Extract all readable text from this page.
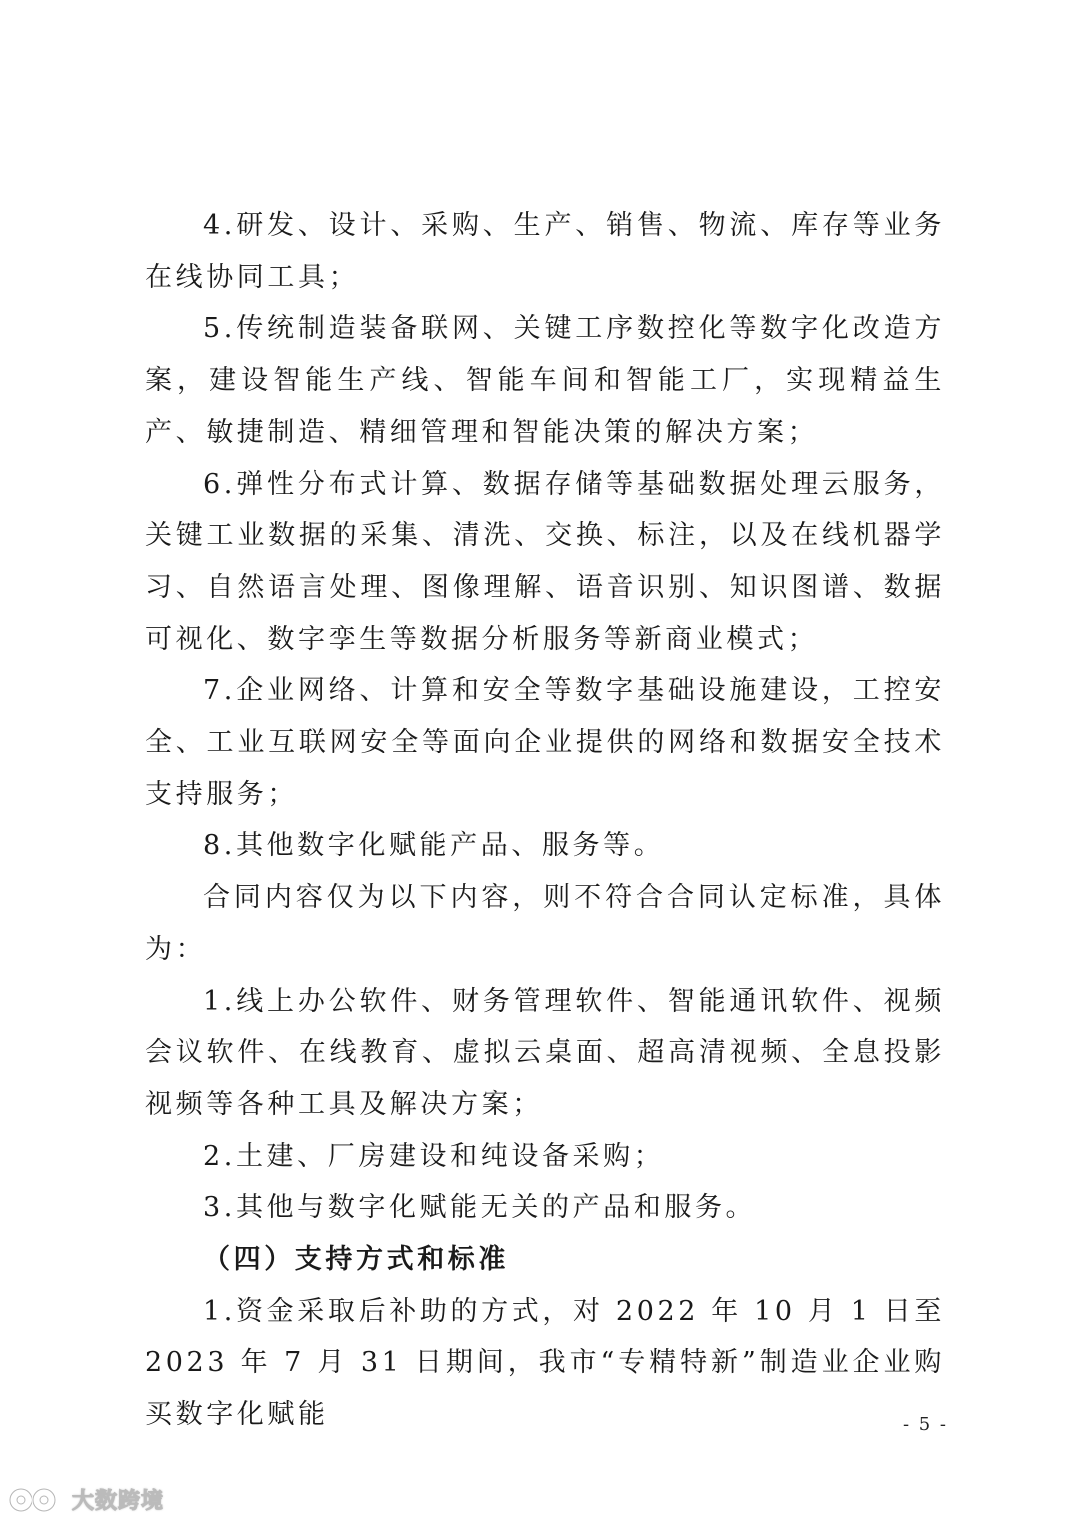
4.研发、设计、采购、生产、销售、物流、库存等业务在线协同工具；

5.传统制造装备联网、关键工序数控化等数字化改造方案，建设智能生产线、智能车间和智能工厂，实现精益生产、敏捷制造、精细管理和智能决策的解决方案；

6.弹性分布式计算、数据存储等基础数据处理云服务，关键工业数据的采集、清洗、交换、标注，以及在线机器学习、自然语言处理、图像理解、语音识别、知识图谱、数据可视化、数字孪生等数据分析服务等新商业模式；

7.企业网络、计算和安全等数字基础设施建设，工控安全、工业互联网安全等面向企业提供的网络和数据安全技术支持服务；

8.其他数字化赋能产品、服务等。

合同内容仅为以下内容，则不符合合同认定标准，具体为：

1.线上办公软件、财务管理软件、智能通讯软件、视频会议软件、在线教育、虚拟云桌面、超高清视频、全息投影视频等各种工具及解决方案；

2.土建、厂房建设和纯设备采购；

3.其他与数字化赋能无关的产品和服务。

（四）支持方式和标准

1.资金采取后补助的方式，对 2022 年 10 月 1 日至 2023 年 7 月 31 日期间，我市“专精特新”制造业企业购买数字化赋能	- 5 -
大数跨境
